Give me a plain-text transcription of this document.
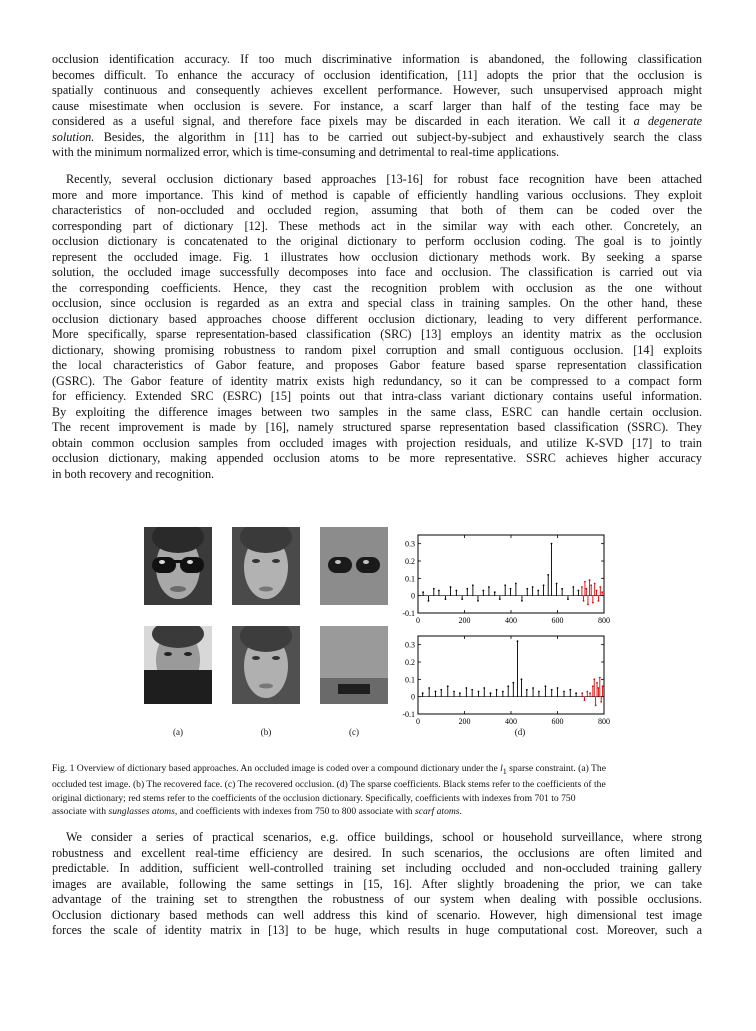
occlusion identification accuracy. If too much discriminative information is abandoned, the following classification
becomes difficult. To enhance the accuracy of occlusion identification, [11] adopts the prior that the occlusion is
spatially continuous and consequently achieves excellent performance. However, such unsupervised approach might
cause misestimate when occlusion is severe. For instance, a scarf larger than half of the testing face may be
considered as a useful signal, and therefore face pixels may be discarded in each iteration. We call it a degenerate
solution. Besides, the algorithm in [11] has to be carried out subject-by-subject and exhaustively search the class
with the minimum normalized error, which is time-consuming and detrimental to real-time applications.
Recently, several occlusion dictionary based approaches [13-16] for robust face recognition have been attached
more and more importance. This kind of method is capable of efficiently handling various occlusions. They exploit
characteristics of non-occluded and occluded region, assuming that both of them can be coded over the
corresponding part of dictionary [12]. These methods act in the similar way with each other. Concretely, an
occlusion dictionary is concatenated to the original dictionary to perform occlusion coding. The goal is to jointly
represent the occluded image. Fig. 1 illustrates how occlusion dictionary methods work. By seeking a sparse
solution, the occluded image successfully decomposes into face and occlusion. The classification is carried out via
the corresponding coefficients. Hence, they cast the recognition problem with occlusion as the one without
occlusion, since occlusion is regarded as an extra and special class in training samples. On the other hand, these
occlusion dictionary based approaches choose different occlusion dictionary, leading to very different performance.
More specifically, sparse representation-based classification (SRC) [13] employs an identity matrix as the occlusion
dictionary, showing promising robustness to random pixel corruption and small contiguous occlusion. [14] exploits
the local characteristics of Gabor feature, and proposes Gabor feature based sparse representation classification
(GSRC). The Gabor feature of identity matrix exists high redundancy, so it can be compressed to a compact form
for efficiency. Extended SRC (ESRC) [15] points out that intra-class variant dictionary contains useful information.
By exploiting the difference images between two samples in the same class, ESRC can handle certain occlusion.
The recent improvement is made by [16], namely structured sparse representation based classification (SSRC). They
obtain common occlusion samples from occluded images with projection residuals, and utilize K-SVD [17] to train
occlusion dictionary, making appended occlusion atoms to be more representative. SSRC achieves higher accuracy
in both recovery and recognition.
(a)	(b)	(c)	(d)
-0.1
0
0.1
0.2
0.3
0	200	400	600	800
-0.1
0
0.1
0.2
0.3
0	200	400	600	800
Fig. 1 Overview of dictionary based approaches. An occluded image is coded over a compound dictionary under the $l_1$ sparse constraint. (a) The
occluded test image. (b) The recovered face. (c) The recovered occlusion. (d) The sparse coefficients. Black stems refer to the coefficients of the
original dictionary; red stems refer to the coefficients of the occlusion dictionary. Specifically, coefficients with indexes from 701 to 750
associate with sunglasses atoms, and coefficients with indexes from 750 to 800 associate with scarf atoms.
We consider a series of practical scenarios, e.g. office buildings, school or household surveillance, where strong
robustness and excellent real-time efficiency are desired. In such scenarios, the occlusions are often limited and
predictable. In addition, sufficient well-controlled training set including occluded and non-occluded training gallery
images are available, following the same settings in [15, 16]. After slightly broadening the prior, we can take
advantage of the training set to strengthen the robustness of our system when dealing with possible occlusions.
Occlusion dictionary based methods can well address this kind of scenario. However, high dimensional test image
forces the scale of identity matrix in [13] to be huge, which results in huge computational cost. Moreover, such a
